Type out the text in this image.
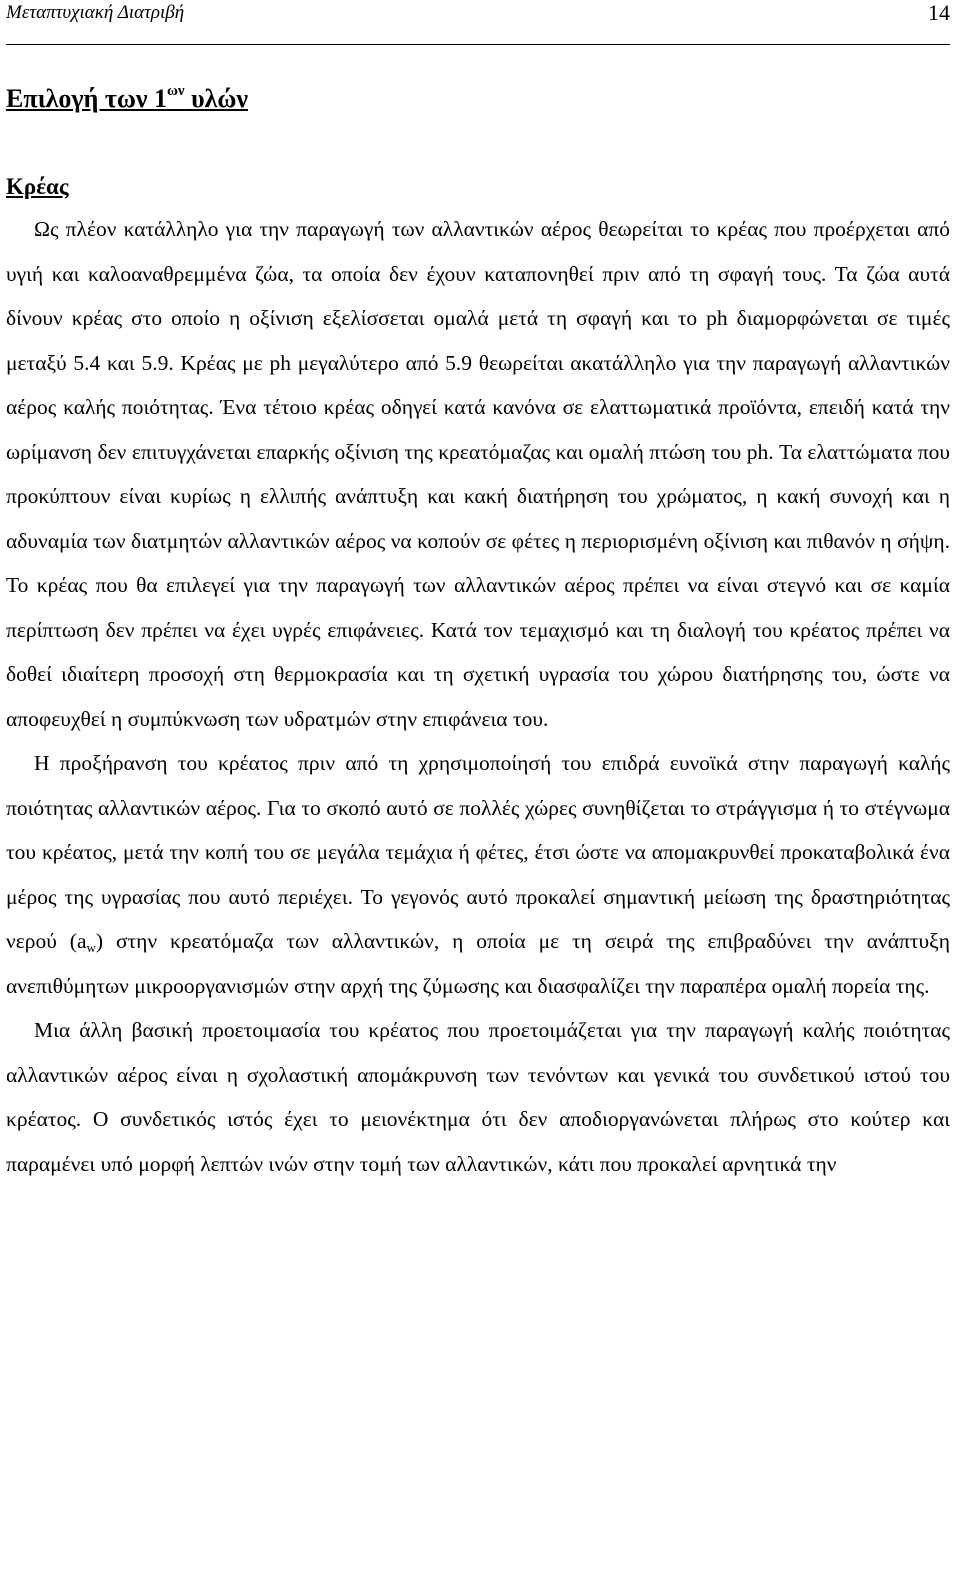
Μεταπτυχιακή Διατριβή	14
Επιλογή των $1^{\omega\nu}$ υλών
Κρέας

Ως πλέον κατάλληλο για την παραγωγή των αλλαντικών αέρος θεωρείται το κρέας που προέρχεται από υγιή και καλοαναθρεμμένα ζώα, τα οποία δεν έχουν καταπονηθεί πριν από τη σφαγή τους. Τα ζώα αυτά δίνουν κρέας στο οποίο η οξίνιση εξελίσσεται ομαλά μετά τη σφαγή και το ph διαμορφώνεται σε τιμές μεταξύ 5.4 και 5.9. Κρέας με ph μεγαλύτερο από 5.9 θεωρείται ακατάλληλο για την παραγωγή αλλαντικών αέρος καλής ποιότητας. Ένα τέτοιο κρέας οδηγεί κατά κανόνα σε ελαττωματικά προϊόντα, επειδή κατά την ωρίμανση δεν επιτυγχάνεται επαρκής οξίνιση της κρεατόμαζας και ομαλή πτώση του ph. Τα ελαττώματα που προκύπτουν είναι κυρίως η ελλιπής ανάπτυξη και κακή διατήρηση του χρώματος, η κακή συνοχή και η αδυναμία των διατμητών αλλαντικών αέρος να κοπούν σε φέτες η περιορισμένη οξίνιση και πιθανόν η σήψη. Το κρέας που θα επιλεγεί για την παραγωγή των αλλαντικών αέρος πρέπει να είναι στεγνό και σε καμία περίπτωση δεν πρέπει να έχει υγρές επιφάνειες. Κατά τον τεμαχισμό και τη διαλογή του κρέατος πρέπει να δοθεί ιδιαίτερη προσοχή στη θερμοκρασία και τη σχετική υγρασία του χώρου διατήρησης του, ώστε να αποφευχθεί η συμπύκνωση των υδρατμών στην επιφάνεια του.

Η προξήρανση του κρέατος πριν από τη χρησιμοποίησή του επιδρά ευνοϊκά στην παραγωγή καλής ποιότητας αλλαντικών αέρος. Για το σκοπό αυτό σε πολλές χώρες συνηθίζεται το στράγγισμα ή το στέγνωμα του κρέατος, μετά την κοπή του σε μεγάλα τεμάχια ή φέτες, έτσι ώστε να απομακρυνθεί προκαταβολικά ένα μέρος της υγρασίας που αυτό περιέχει. Το γεγονός αυτό προκαλεί σημαντική μείωση της δραστηριότητας νερού $(a_w)$ στην κρεατόμαζα των αλλαντικών, η οποία με τη σειρά της επιβραδύνει την ανάπτυξη ανεπιθύμητων μικροοργανισμών στην αρχή της ζύμωσης και διασφαλίζει την παραπέρα ομαλή πορεία της.

Μια άλλη βασική προετοιμασία του κρέατος που προετοιμάζεται για την παραγωγή καλής ποιότητας αλλαντικών αέρος είναι η σχολαστική απομάκρυνση των τενόντων και γενικά του συνδετικού ιστού του κρέατος. Ο συνδετικός ιστός έχει το μειονέκτημα ότι δεν αποδιοργανώνεται πλήρως στο κούτερ και παραμένει υπό μορφή λεπτών ινών στην τομή των αλλαντικών, κάτι που προκαλεί αρνητικά την
